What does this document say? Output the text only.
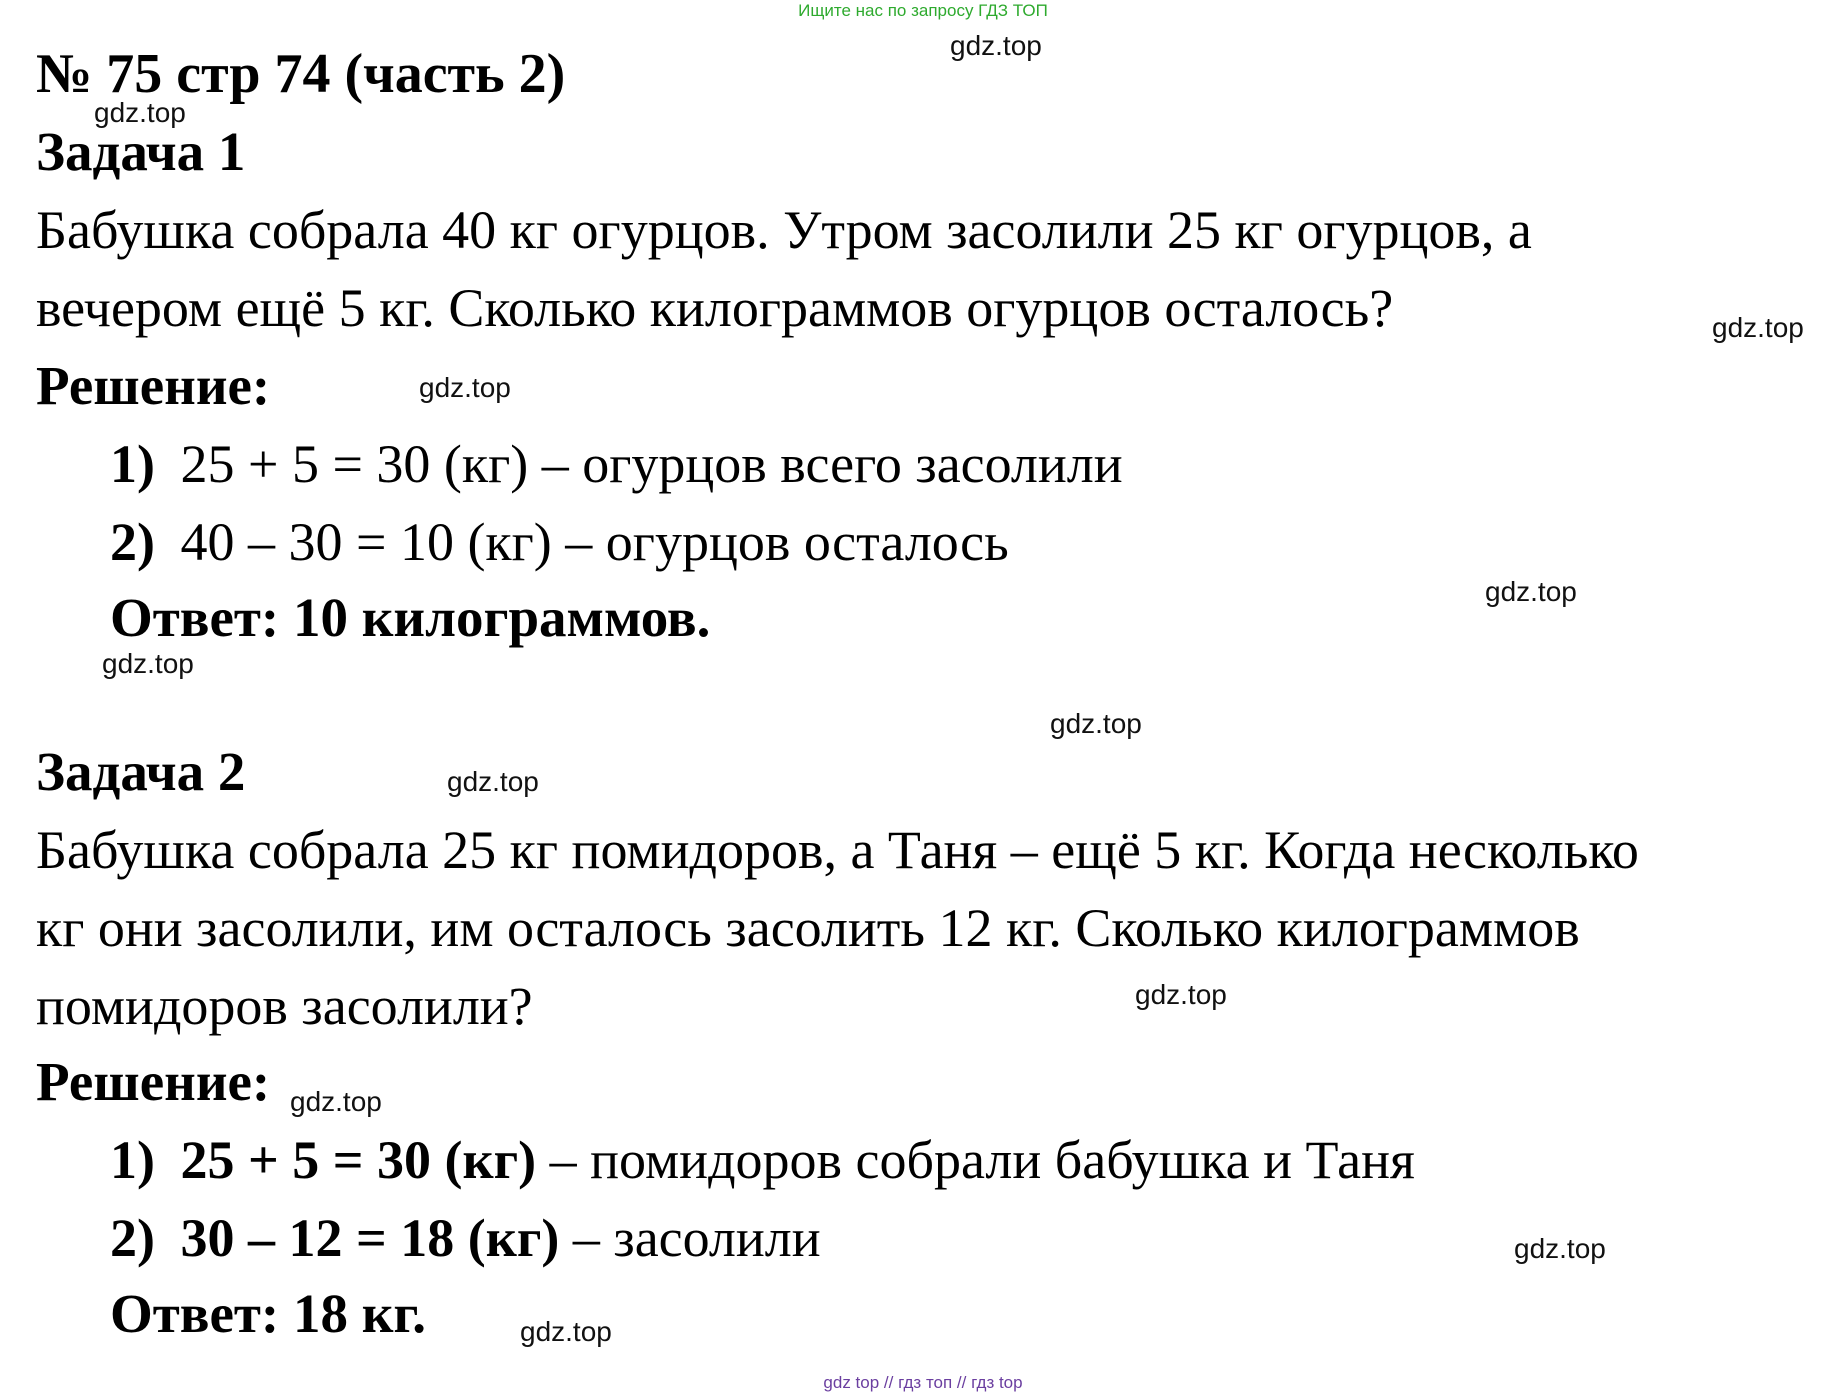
Ищите нас по запросу ГДЗ ТОП
gdz.top
gdz.top
gdz.top
gdz.top
gdz.top
gdz.top
gdz.top
gdz.top
gdz.top
gdz.top
gdz.top
gdz.top
№ 75 стр 74 (часть 2)
Задача 1
Бабушка собрала 40 кг огурцов. Утром засолили 25 кг огурцов, а
вечером ещё 5 кг. Сколько килограммов огурцов осталось?
Решение:
1) 25 + 5 = 30 (кг) – огурцов всего засолили
2) 40 – 30 = 10 (кг) – огурцов осталось
Ответ: 10 килограммов.
Задача 2
Бабушка собрала 25 кг помидоров, а Таня – ещё 5 кг. Когда несколько
кг они засолили, им осталось засолить 12 кг. Сколько килограммов
помидоров засолили?
Решение:
1) 25 + 5 = 30 (кг) – помидоров собрали бабушка и Таня
2) 30 – 12 = 18 (кг) – засолили
Ответ: 18 кг.
gdz top // гдз топ // гдз top
